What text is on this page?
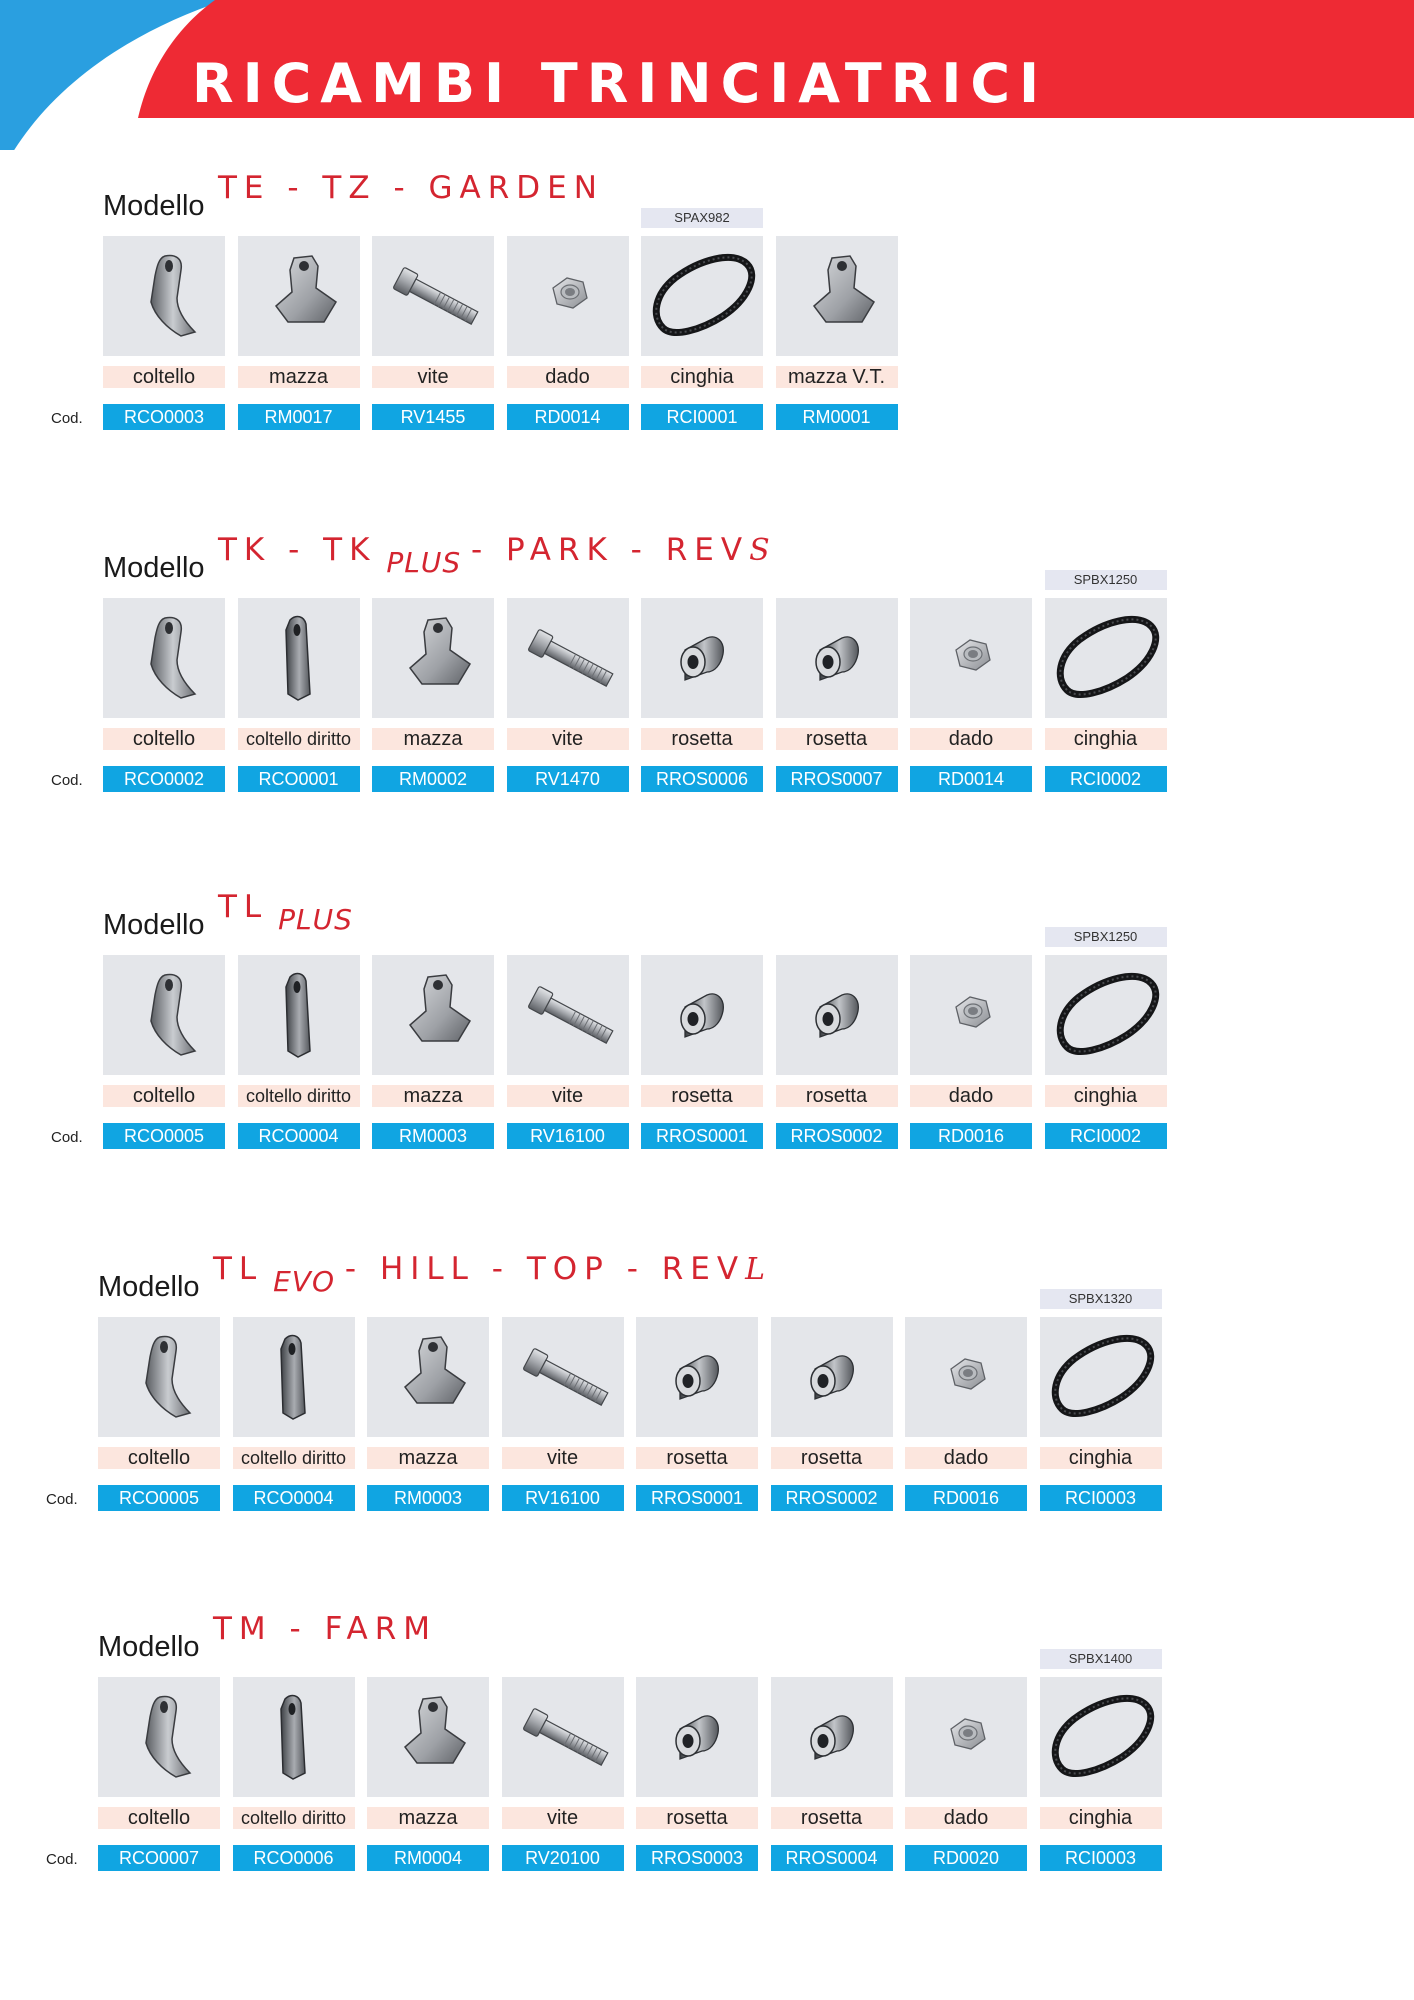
RICAMBI TRINCIATRICI
Modello TE - TZ - GARDEN
Cod.
coltello
RCO0003
mazza
RM0017
vite
RV1455
dado
RD0014
SPAX982
cinghia
RCI0001
mazza V.T.
RM0001
Modello TK - TK PLUS - PARK - REVS
Cod.
coltello
RCO0002
coltello diritto
RCO0001
mazza
RM0002
vite
RV1470
rosetta
RROS0006
rosetta
RROS0007
dado
RD0014
SPBX1250
cinghia
RCI0002
Modello TL PLUS
Cod.
coltello
RCO0005
coltello diritto
RCO0004
mazza
RM0003
vite
RV16100
rosetta
RROS0001
rosetta
RROS0002
dado
RD0016
SPBX1250
cinghia
RCI0002
Modello TL EVO - HILL - TOP - REVL
Cod.
coltello
RCO0005
coltello diritto
RCO0004
mazza
RM0003
vite
RV16100
rosetta
RROS0001
rosetta
RROS0002
dado
RD0016
SPBX1320
cinghia
RCI0003
Modello TM - FARM
Cod.
coltello
RCO0007
coltello diritto
RCO0006
mazza
RM0004
vite
RV20100
rosetta
RROS0003
rosetta
RROS0004
dado
RD0020
SPBX1400
cinghia
RCI0003
